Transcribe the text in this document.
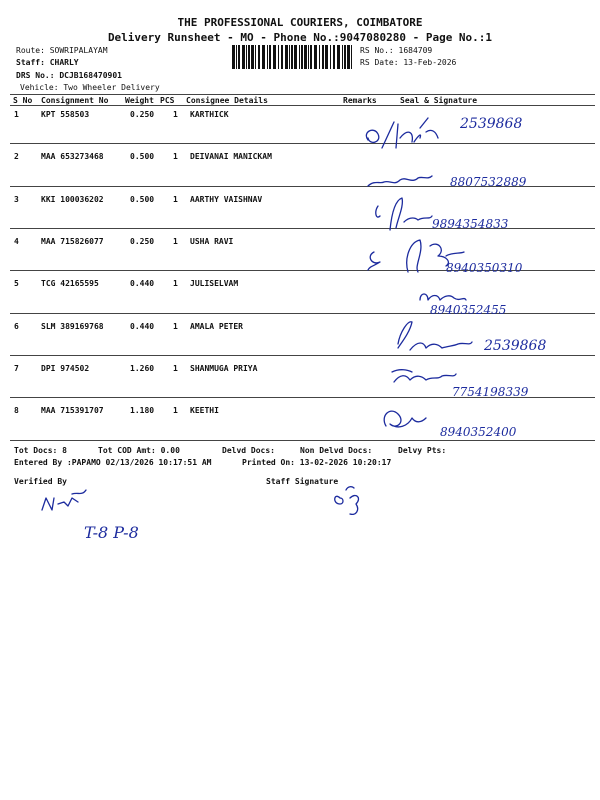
THE PROFESSIONAL COURIERS, COIMBATORE
Delivery Runsheet - MO - Phone No.:9047080280 - Page No.:1
Route: SOWRIPALAYAM
Staff: CHARLY
DRS No.: DCJB168470901
Vehicle: Two Wheeler Delivery
RS No.: 1684709
RS Date: 13-Feb-2026
S No Consignment No Weight PCS Consignee Details	Remarks	Seal & Signature
1	KPT 558503	0.250 1 KARTHICK
2	MAA 653273468	0.500 1 DEIVANAI MANICKAM
3	KKI 100036202	0.500 1 AARTHY VAISHNAV
4	MAA 715826077	0.250 1 USHA RAVI
5	TCG 42165595	0.440 1 JULISELVAM
6	SLM 389169768	0.440 1 AMALA PETER
7	DPI 974502	1.260 1 SHANMUGA PRIYA
8	MAA 715391707	1.180 1 KEETHI
Tot Docs: 8	Tot COD Amt: 0.00	Delvd Docs:	Non Delvd Docs:	Delvy Pts:
Entered By :PAPAMO 02/13/2026 10:17:51 AM	Printed On: 13-02-2026 10:20:17
Verified By	Staff Signature
2539868
8807532889
9894354833
8940350310
8940352455
2539868
7754198339
8940352400
T-8 P-8
